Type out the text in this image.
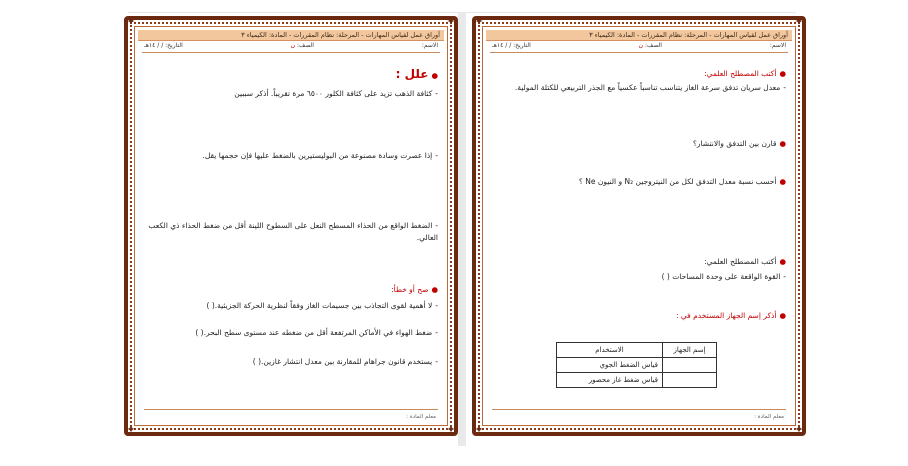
✦	✦
✦	✦
أوراق عمل لقياس المهارات - المرحلة: نظام المقررات - المادة: الكيمياء ٣
الاسم:
الصف: ن
التاريخ: / / ١٤هـ
●علل :
-كثافة الذهب تزيد على كثافة الكلور ٦٥٠٠ مرة تقريباً. أذكر سببين
-إذا عصرت وسادة مصنوعة من البوليستيرين بالضغط عليها فإن حجمها يقل.
-الضغط الواقع من الحذاء المسطح النعل على السطوح اللينة أقل من ضغط الحذاء ذي الكعب العالي.
●صح أو خطأ:
-لا أهمية لقوى التجاذب بين جسيمات الغاز وفقاً لنظرية الحركة الجزيئية.( )
-ضغط الهواء في الأماكن المرتفعة أقل من ضغطه عند مستوى سطح البحر.( )
-يستخدم قانون جراهام للمقارنة بين معدل انتشار غازين.( )
معلم المادة :
✦	✦
✦	✦
أوراق عمل لقياس المهارات - المرحلة: نظام المقررات - المادة: الكيمياء ٣
الاسم:
الصف: ن
التاريخ: / / ١٤هـ
●أكتب المصطلح العلمي:
-معدل سريان تدفق سرعة الغاز يتناسب تناسباً عكسياً مع الجذر التربيعي للكتلة المولية.
●قارن بين التدفق والانتشار؟
●أحسب نسبة معدل التدفق لكل من النيتروجين N₂ و النيون Ne ؟
●أكتب المصطلح العلمي:
-القوة الواقعة على وحدة المساحات ( )
●أذكر إسم الجهاز المستخدم في :
إسم الجهاز	الاستخدام
	قياس الضغط الجوي
	قياس ضغط غاز محصور
معلم المادة :
